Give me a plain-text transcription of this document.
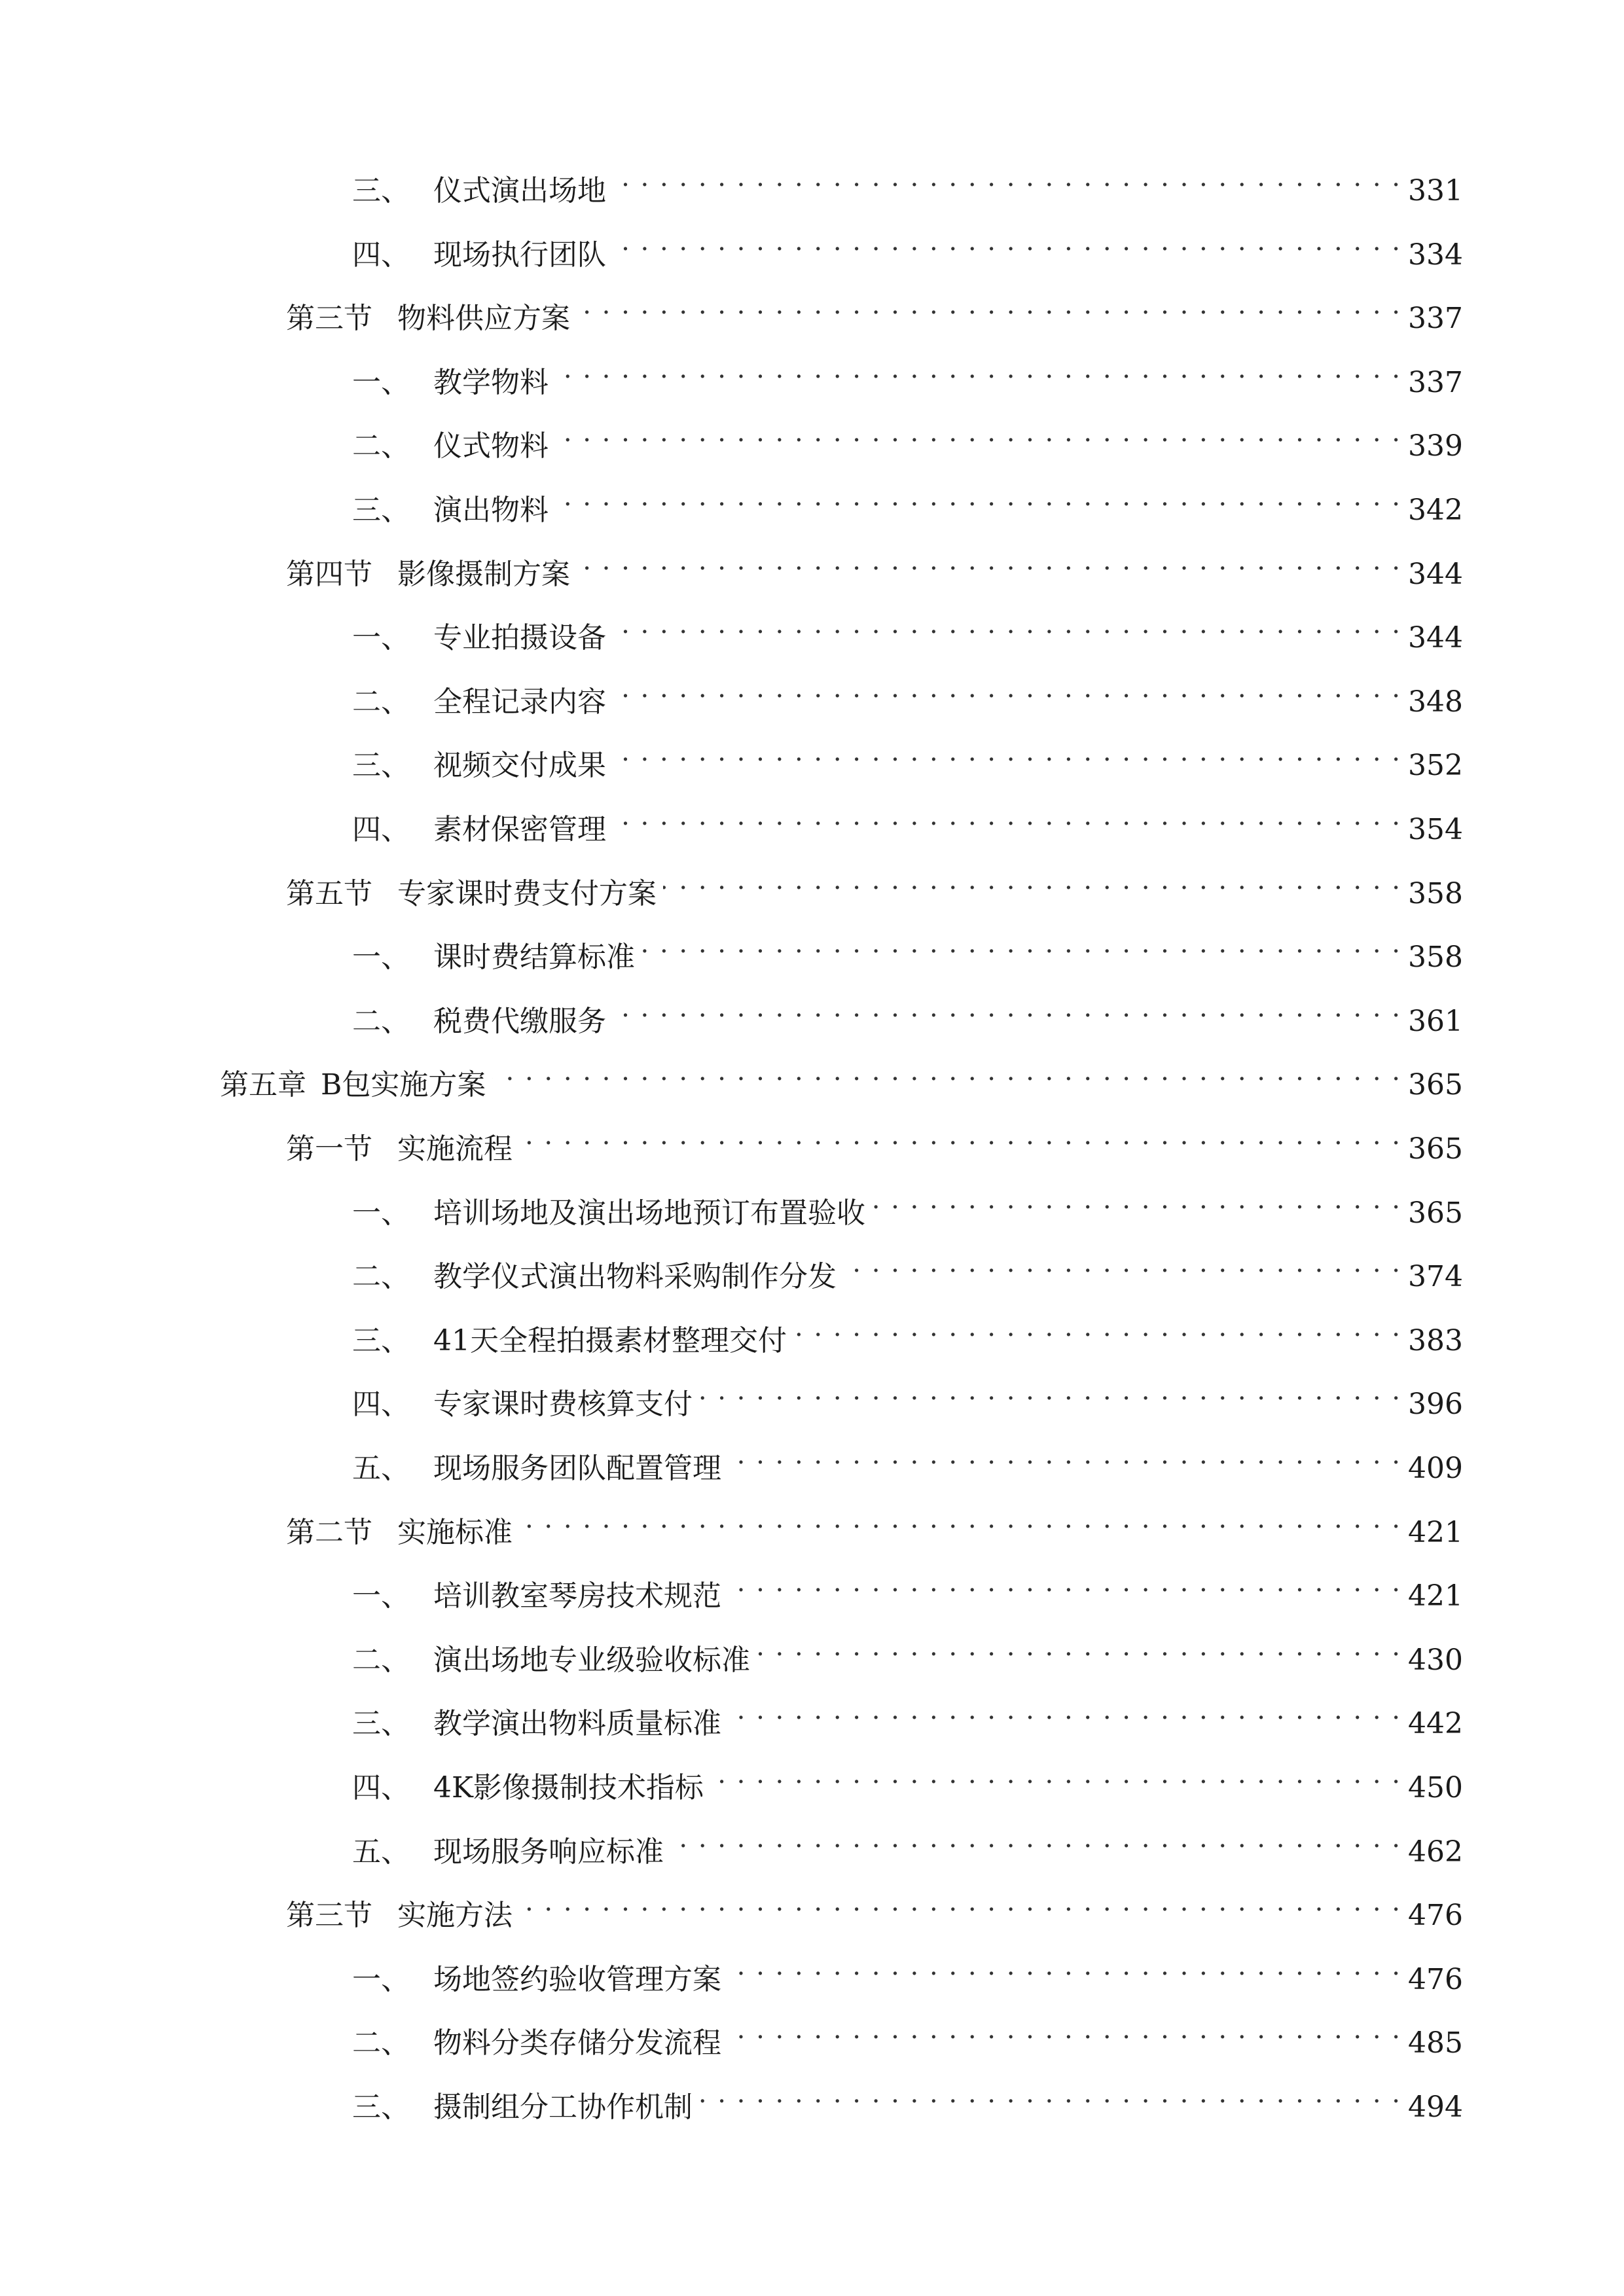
三、 仪式演出场地 . . .	331
四、 现场执行团队 . . .	334
第三节 物料供应方案 . . .	337
一、 教学物料 . . .	337
二、 仪式物料 . . .	339
三、 演出物料 . . .	342
第四节 影像摄制方案 . . .	344
一、 专业拍摄设备 . . .	344
二、 全程记录内容 . . .	348
三、 视频交付成果 . . .	352
四、 素材保密管理 . . .	354
第五节 专家课时费支付方案 . . .	358
一、 课时费结算标准 . . .	358
二、 税费代缴服务 . . .	361
第五章 B包实施方案 . . .	365
第一节 实施流程 . . .	365
一、 培训场地及演出场地预订布置验收 . . .	365
二、 教学仪式演出物料采购制作分发 . . .	374
三、 41天全程拍摄素材整理交付 . . .	383
四、 专家课时费核算支付 . . .	396
五、 现场服务团队配置管理 . . .	409
第二节 实施标准 . . .	421
一、 培训教室琴房技术规范 . . .	421
二、 演出场地专业级验收标准 . . .	430
三、 教学演出物料质量标准 . . .	442
四、 4K影像摄制技术指标 . . .	450
五、 现场服务响应标准 . . .	462
第三节 实施方法 . . .	476
一、 场地签约验收管理方案 . . .	476
二、 物料分类存储分发流程 . . .	485
三、 摄制组分工协作机制 . . .	494
